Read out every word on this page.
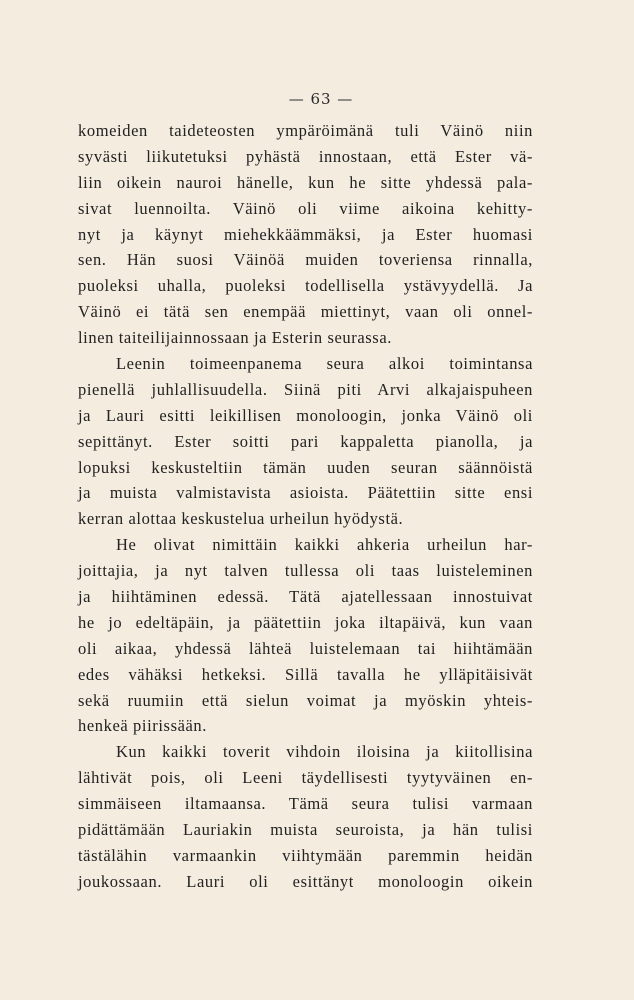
— 63 —
komeiden taideteosten ympäröimänä tuli Väinö niin
syvästi liikutetuksi pyhästä innostaan, että Ester vä-
liin oikein nauroi hänelle, kun he sitte yhdessä pala-
sivat luennoilta. Väinö oli viime aikoina kehitty-
nyt ja käynyt miehekkäämmäksi, ja Ester huomasi
sen. Hän suosi Väinöä muiden toveriensa rinnalla,
puoleksi uhalla, puoleksi todellisella ystävyydellä. Ja
Väinö ei tätä sen enempää miettinyt, vaan oli onnel-
linen taiteilijainnossaan ja Esterin seurassa.
Leenin toimeenpanema seura alkoi toimintansa
pienellä juhlallisuudella. Siinä piti Arvi alkajaispuheen
ja Lauri esitti leikillisen monoloogin, jonka Väinö oli
sepittänyt. Ester soitti pari kappaletta pianolla, ja
lopuksi keskusteltiin tämän uuden seuran säännöistä
ja muista valmistavista asioista. Päätettiin sitte ensi
kerran alottaa keskustelua urheilun hyödystä.
He olivat nimittäin kaikki ahkeria urheilun har-
joittajia, ja nyt talven tullessa oli taas luisteleminen
ja hiihtäminen edessä. Tätä ajatellessaan innostuivat
he jo edeltäpäin, ja päätettiin joka iltapäivä, kun vaan
oli aikaa, yhdessä lähteä luistelemaan tai hiihtämään
edes vähäksi hetkeksi. Sillä tavalla he ylläpitäisivät
sekä ruumiin että sielun voimat ja myöskin yhteis-
henkeä piirissään.
Kun kaikki toverit vihdoin iloisina ja kiitollisina
lähtivät pois, oli Leeni täydellisesti tyytyväinen en-
simmäiseen iltamaansa. Tämä seura tulisi varmaan
pidättämään Lauriakin muista seuroista, ja hän tulisi
tästälähin varmaankin viihtymään paremmin heidän
joukossaan. Lauri oli esittänyt monoloogin oikein
